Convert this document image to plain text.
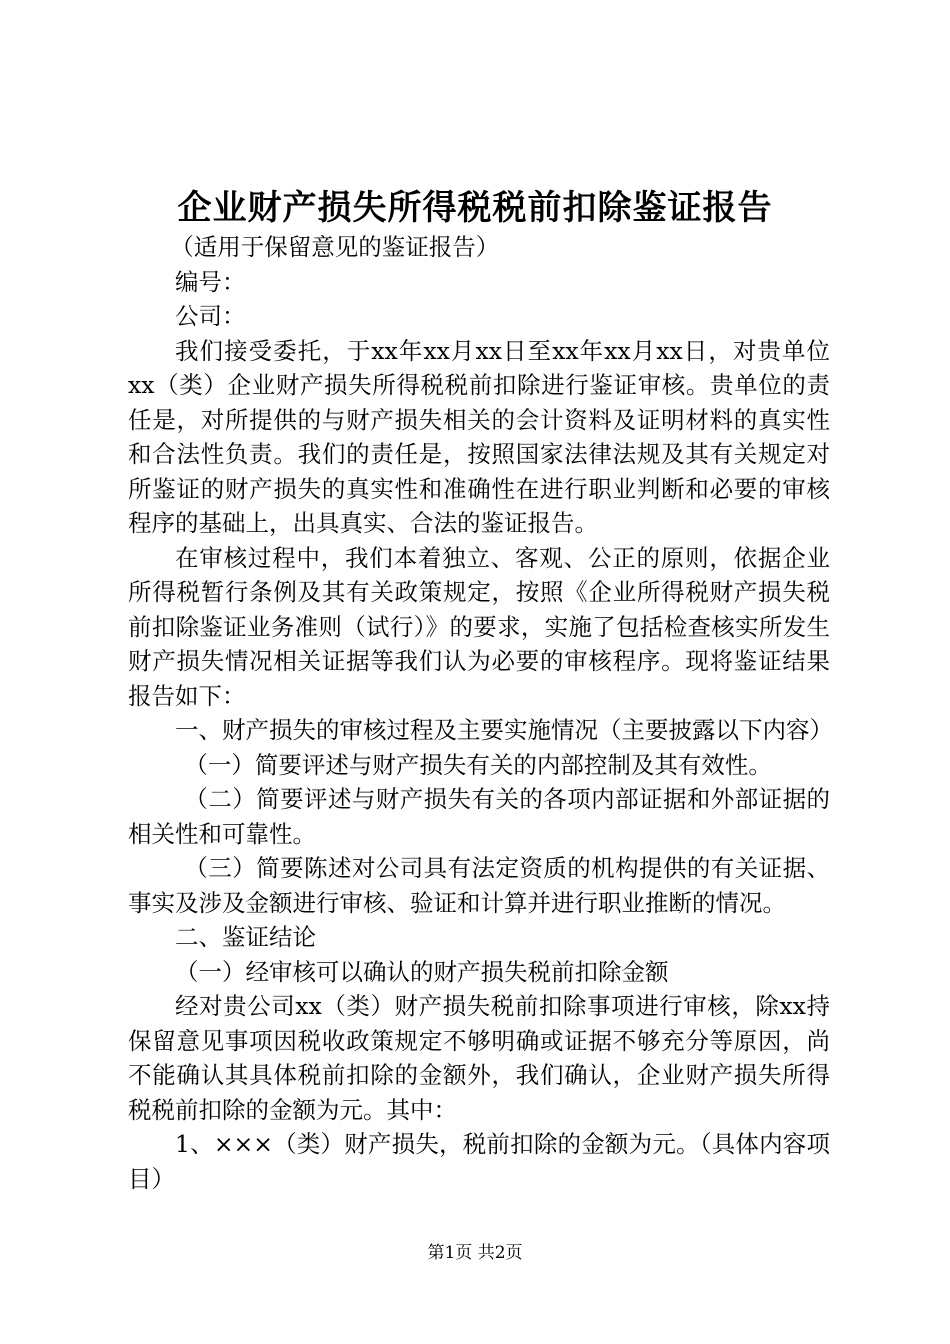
企业财产损失所得税税前扣除鉴证报告

（适用于保留意见的鉴证报告）

编号：

公司：

我们接受委托，于xx年xx月xx日至xx年xx月xx日，对贵单位xx（类）企业财产损失所得税税前扣除进行鉴证审核。贵单位的责任是，对所提供的与财产损失相关的会计资料及证明材料的真实性和合法性负责。我们的责任是，按照国家法律法规及其有关规定对所鉴证的财产损失的真实性和准确性在进行职业判断和必要的审核程序的基础上，出具真实、合法的鉴证报告。

在审核过程中，我们本着独立、客观、公正的原则，依据企业所得税暂行条例及其有关政策规定，按照《企业所得税财产损失税前扣除鉴证业务准则（试行）》的要求，实施了包括检查核实所发生财产损失情况相关证据等我们认为必要的审核程序。现将鉴证结果报告如下：

一、财产损失的审核过程及主要实施情况（主要披露以下内容）

（一）简要评述与财产损失有关的内部控制及其有效性。

（二）简要评述与财产损失有关的各项内部证据和外部证据的相关性和可靠性。

（三）简要陈述对公司具有法定资质的机构提供的有关证据、事实及涉及金额进行审核、验证和计算并进行职业推断的情况。

二、鉴证结论

（一）经审核可以确认的财产损失税前扣除金额

经对贵公司xx（类）财产损失税前扣除事项进行审核，除xx持保留意见事项因税收政策规定不够明确或证据不够充分等原因，尚不能确认其具体税前扣除的金额外，我们确认，企业财产损失所得税税前扣除的金额为元。其中：

1、×××（类）财产损失，税前扣除的金额为元。（具体内容项目）

第1页 共2页
